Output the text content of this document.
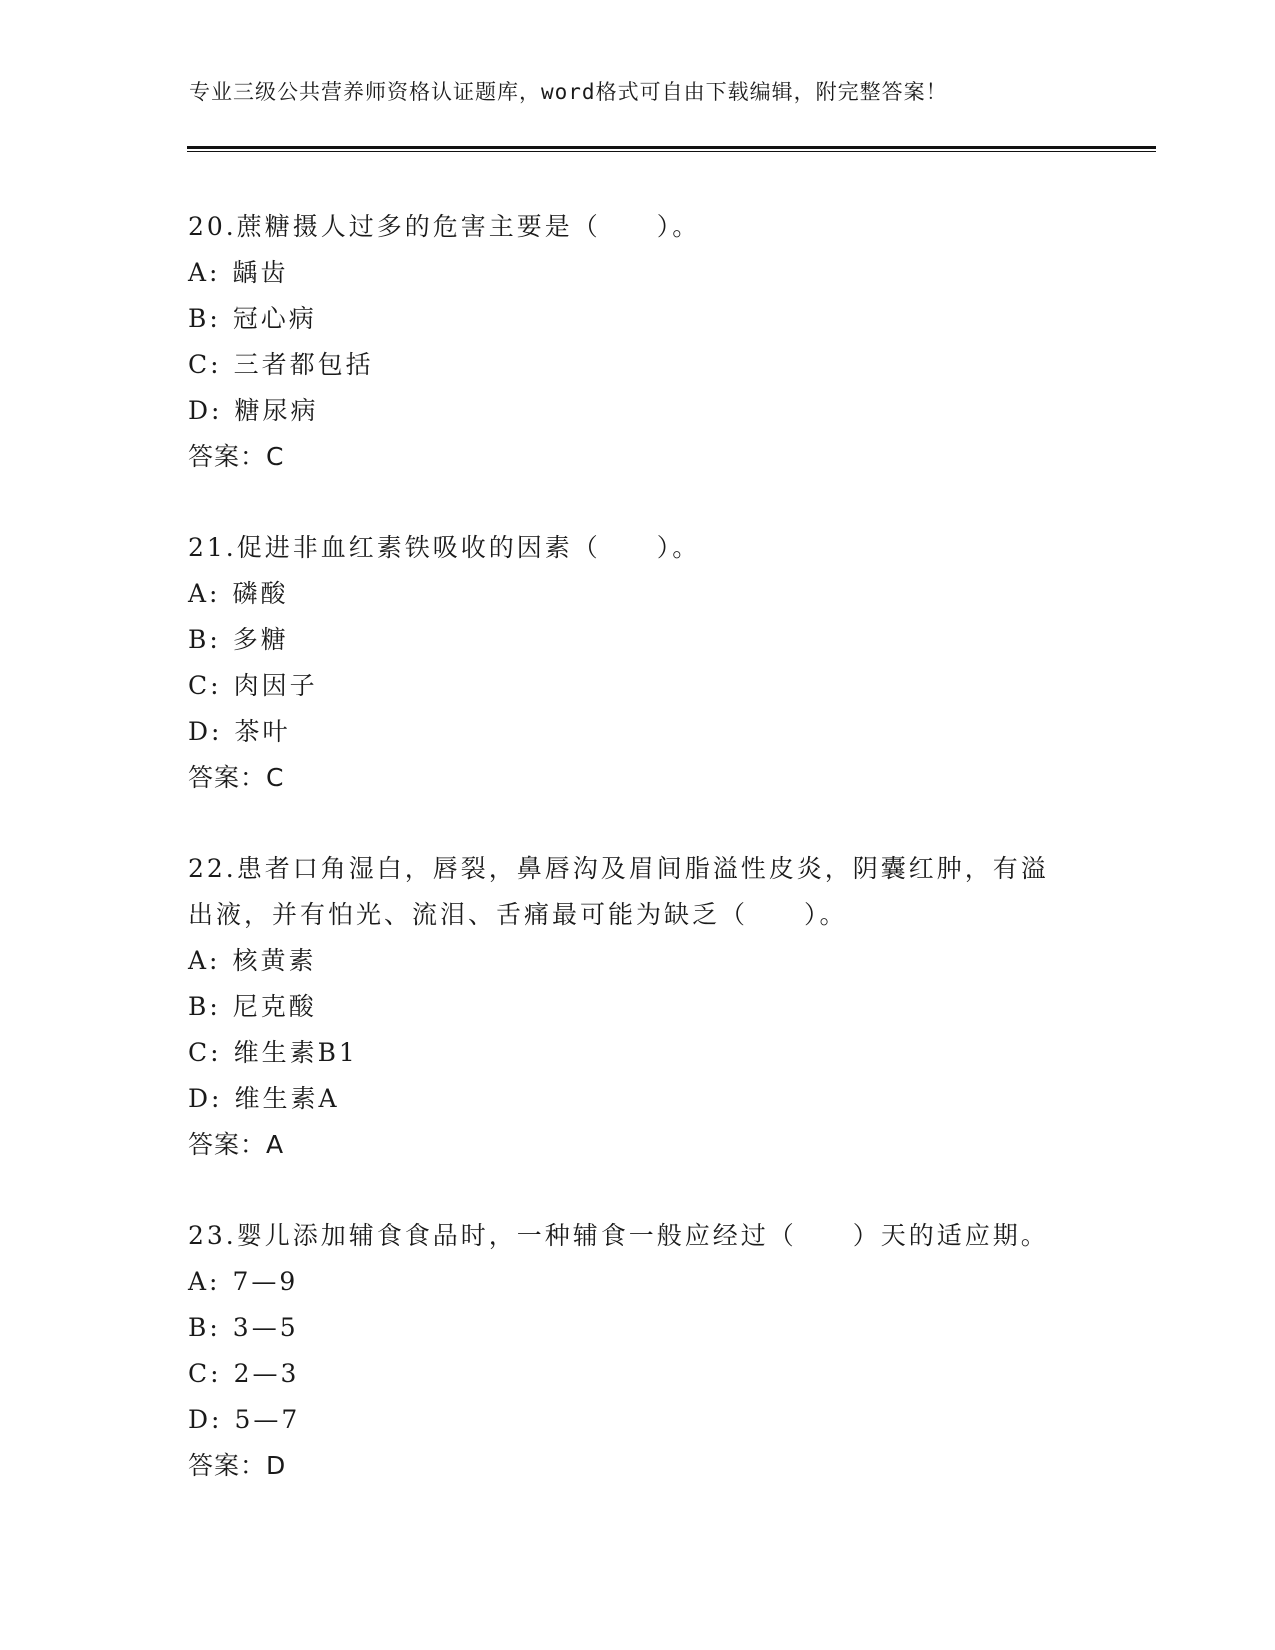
专业三级公共营养师资格认证题库，word格式可自由下载编辑，附完整答案！
20.蔗糖摄人过多的危害主要是（　　）。
A: 龋齿
B: 冠心病
C: 三者都包括
D: 糖尿病
答案：C
21.促进非血红素铁吸收的因素（　　）。
A: 磷酸
B: 多糖
C: 肉因子
D: 茶叶
答案：C
22.患者口角湿白，唇裂，鼻唇沟及眉间脂溢性皮炎，阴囊红肿，有溢
出液，并有怕光、流泪、舌痛最可能为缺乏（　　）。
A: 核黄素
B: 尼克酸
C: 维生素B1
D: 维生素A
答案：A
23.婴儿添加辅食食品时，一种辅食一般应经过（　　）天的适应期。
A: 7—9
B: 3—5
C: 2—3
D: 5—7
答案：D
